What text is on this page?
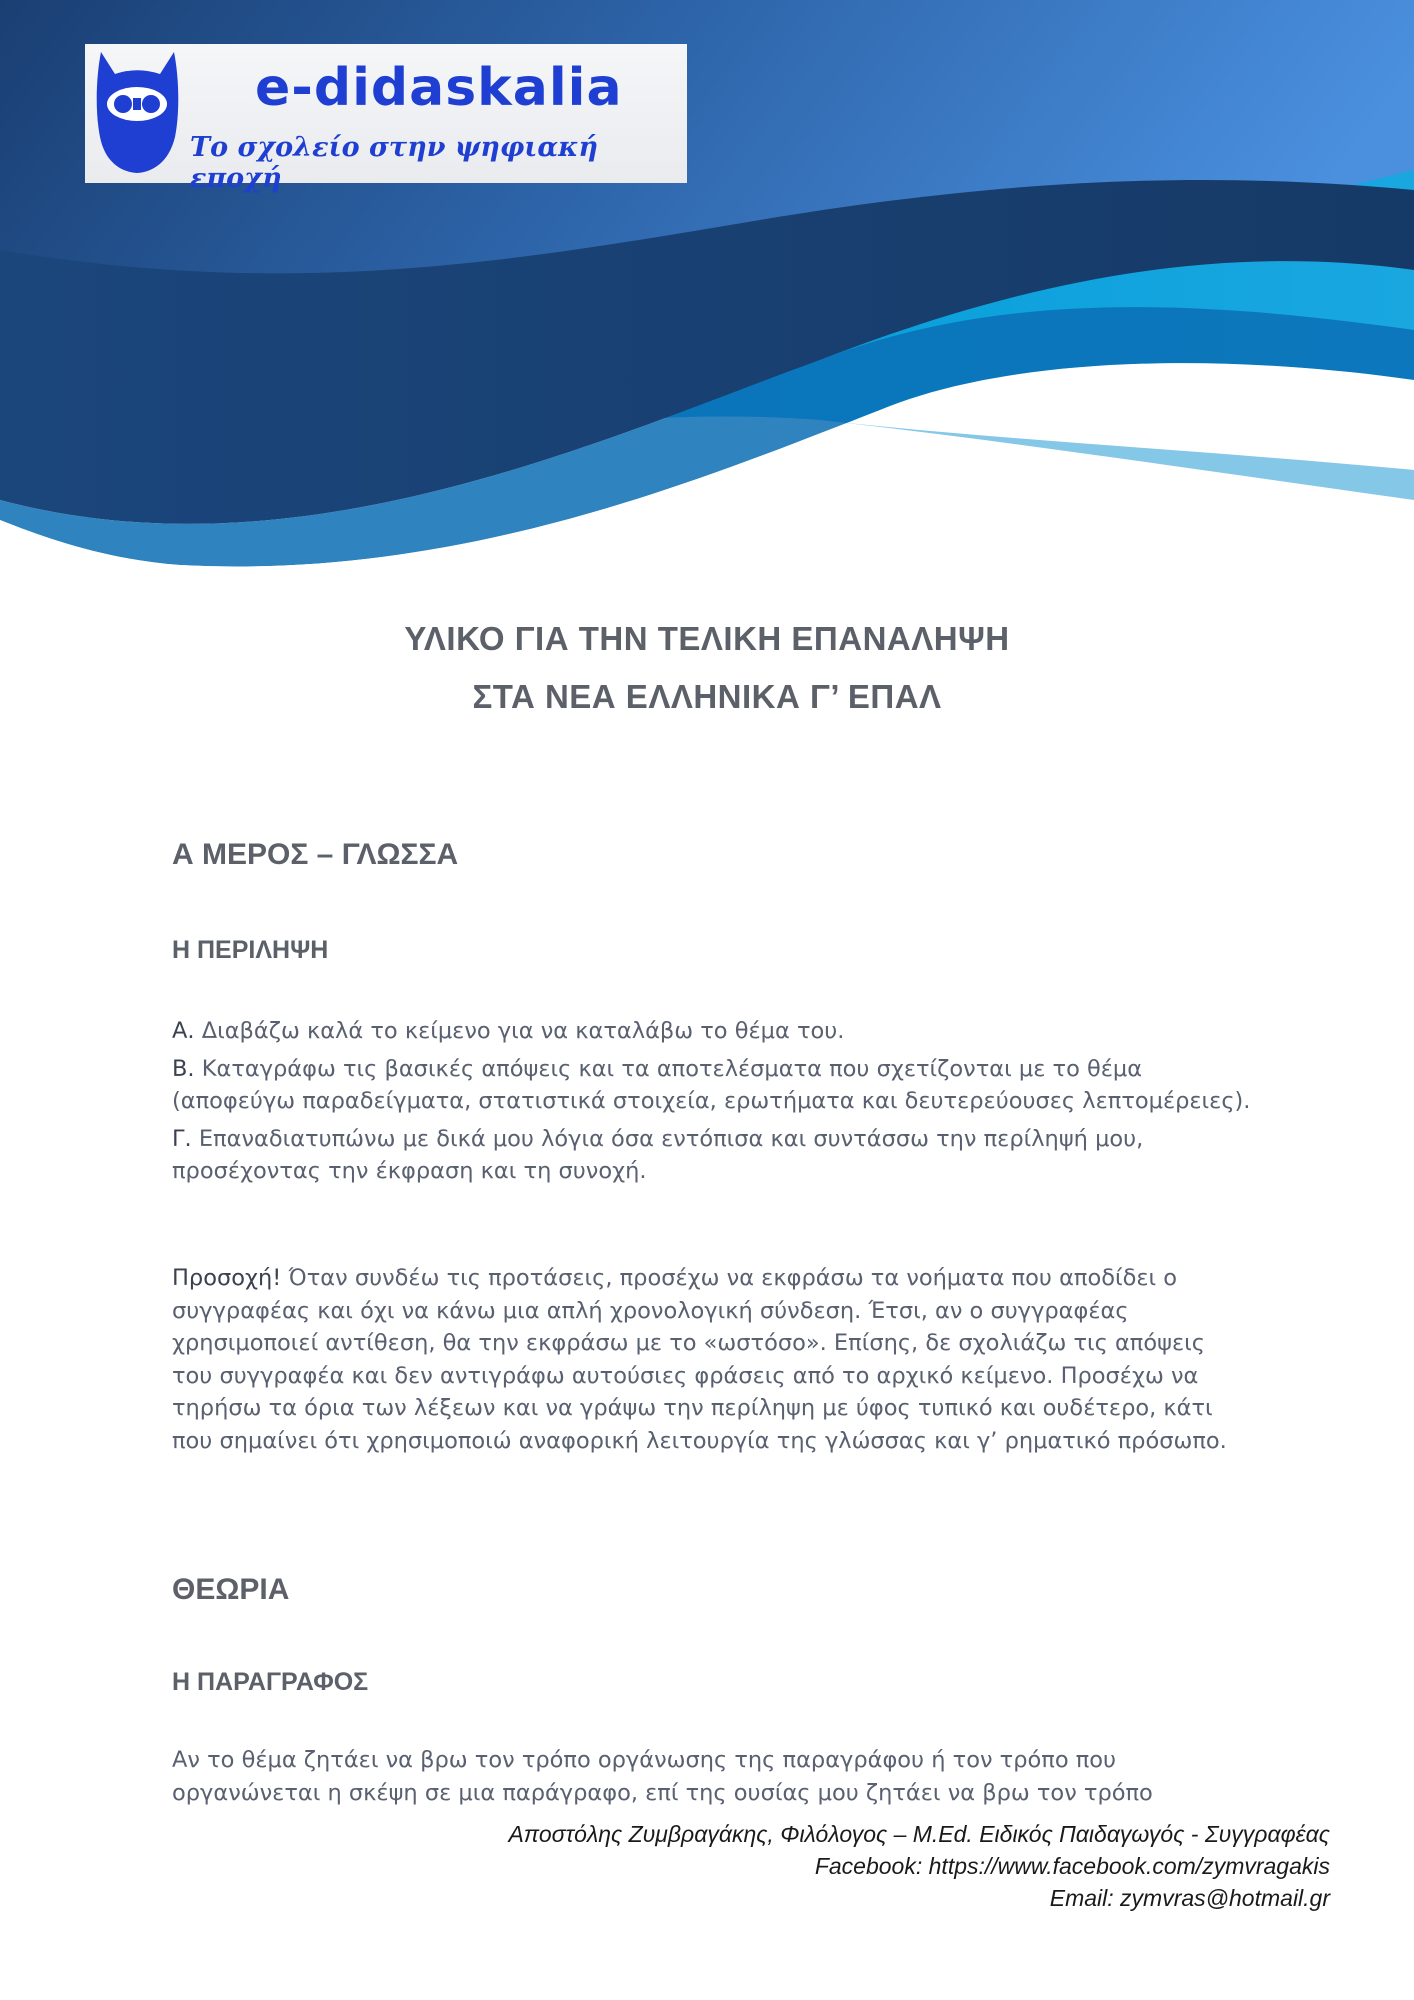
e-didaskalia
Το σχολείο στην ψηφιακή εποχή
ΥΛΙΚΟ ΓΙΑ ΤΗΝ ΤΕΛΙΚΗ ΕΠΑΝΑΛΗΨΗ
ΣΤΑ ΝΕΑ ΕΛΛΗΝΙΚΑ Γ’ ΕΠΑΛ
Α ΜΕΡΟΣ – ΓΛΩΣΣΑ
Η ΠΕΡΙΛΗΨΗ

Α. Διαβάζω καλά το κείμενο για να καταλάβω το θέμα του.

Β. Καταγράφω τις βασικές απόψεις και τα αποτελέσματα που σχετίζονται με το θέμα (αποφεύγω παραδείγματα, στατιστικά στοιχεία, ερωτήματα και δευτερεύουσες λεπτομέρειες).

Γ. Επαναδιατυπώνω με δικά μου λόγια όσα εντόπισα και συντάσσω την περίληψή μου, προσέχοντας την έκφραση και τη συνοχή.

Προσοχή! Όταν συνδέω τις προτάσεις, προσέχω να εκφράσω τα νοήματα που αποδίδει ο συγγραφέας και όχι να κάνω μια απλή χρονολογική σύνδεση. Έτσι, αν ο συγγραφέας χρησιμοποιεί αντίθεση, θα την εκφράσω με το «ωστόσο». Επίσης, δε σχολιάζω τις απόψεις του συγγραφέα και δεν αντιγράφω αυτούσιες φράσεις από το αρχικό κείμενο. Προσέχω να τηρήσω τα όρια των λέξεων και να γράψω την περίληψη με ύφος τυπικό και ουδέτερο, κάτι που σημαίνει ότι χρησιμοποιώ αναφορική λειτουργία της γλώσσας και γ’ ρηματικό πρόσωπο.

ΘΕΩΡΙΑ
Η ΠΑΡΑΓΡΑΦΟΣ

Αν το θέμα ζητάει να βρω τον τρόπο οργάνωσης της παραγράφου ή τον τρόπο που οργανώνεται η σκέψη σε μια παράγραφο, επί της ουσίας μου ζητάει να βρω τον τρόπο

Αποστόλης Ζυμβραγάκης, Φιλόλογος – M.Ed. Ειδικός Παιδαγωγός - Συγγραφέας
Facebook: https://www.facebook.com/zymvragakis
Email: zymvras@hotmail.gr
